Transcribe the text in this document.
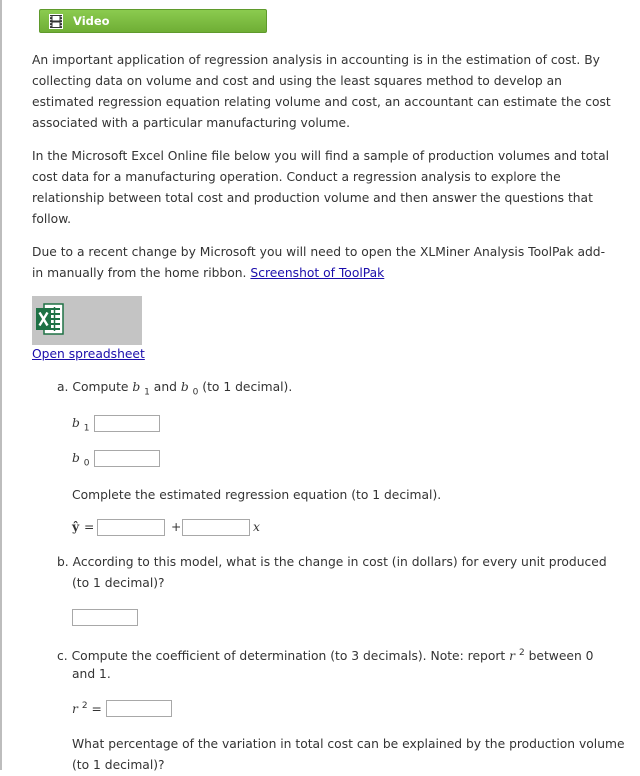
Video

An important application of regression analysis in accounting is in the estimation of cost. By collecting data on volume and cost and using the least squares method to develop an estimated regression equation relating volume and cost, an accountant can estimate the cost associated with a particular manufacturing volume.

In the Microsoft Excel Online file below you will find a sample of production volumes and total cost data for a manufacturing operation. Conduct a regression analysis to explore the relationship between total cost and production volume and then answer the questions that follow.

Due to a recent change by Microsoft you will need to open the XLMiner Analysis ToolPak add-in manually from the home ribbon. Screenshot of ToolPak

Open spreadsheet

a. Compute b $_1$ and b $_0$ (to 1 decimal).

b $_1$
b $_0$

Complete the estimated regression equation (to 1 decimal).

ŷ =	+	x

b. According to this model, what is the change in cost (in dollars) for every unit produced

(to 1 decimal)?

c. Compute the coefficient of determination (to 3 decimals). Note: report r $^2$ between 0

and 1.

r $^2$ =

What percentage of the variation in total cost can be explained by the production volume

(to 1 decimal)?
